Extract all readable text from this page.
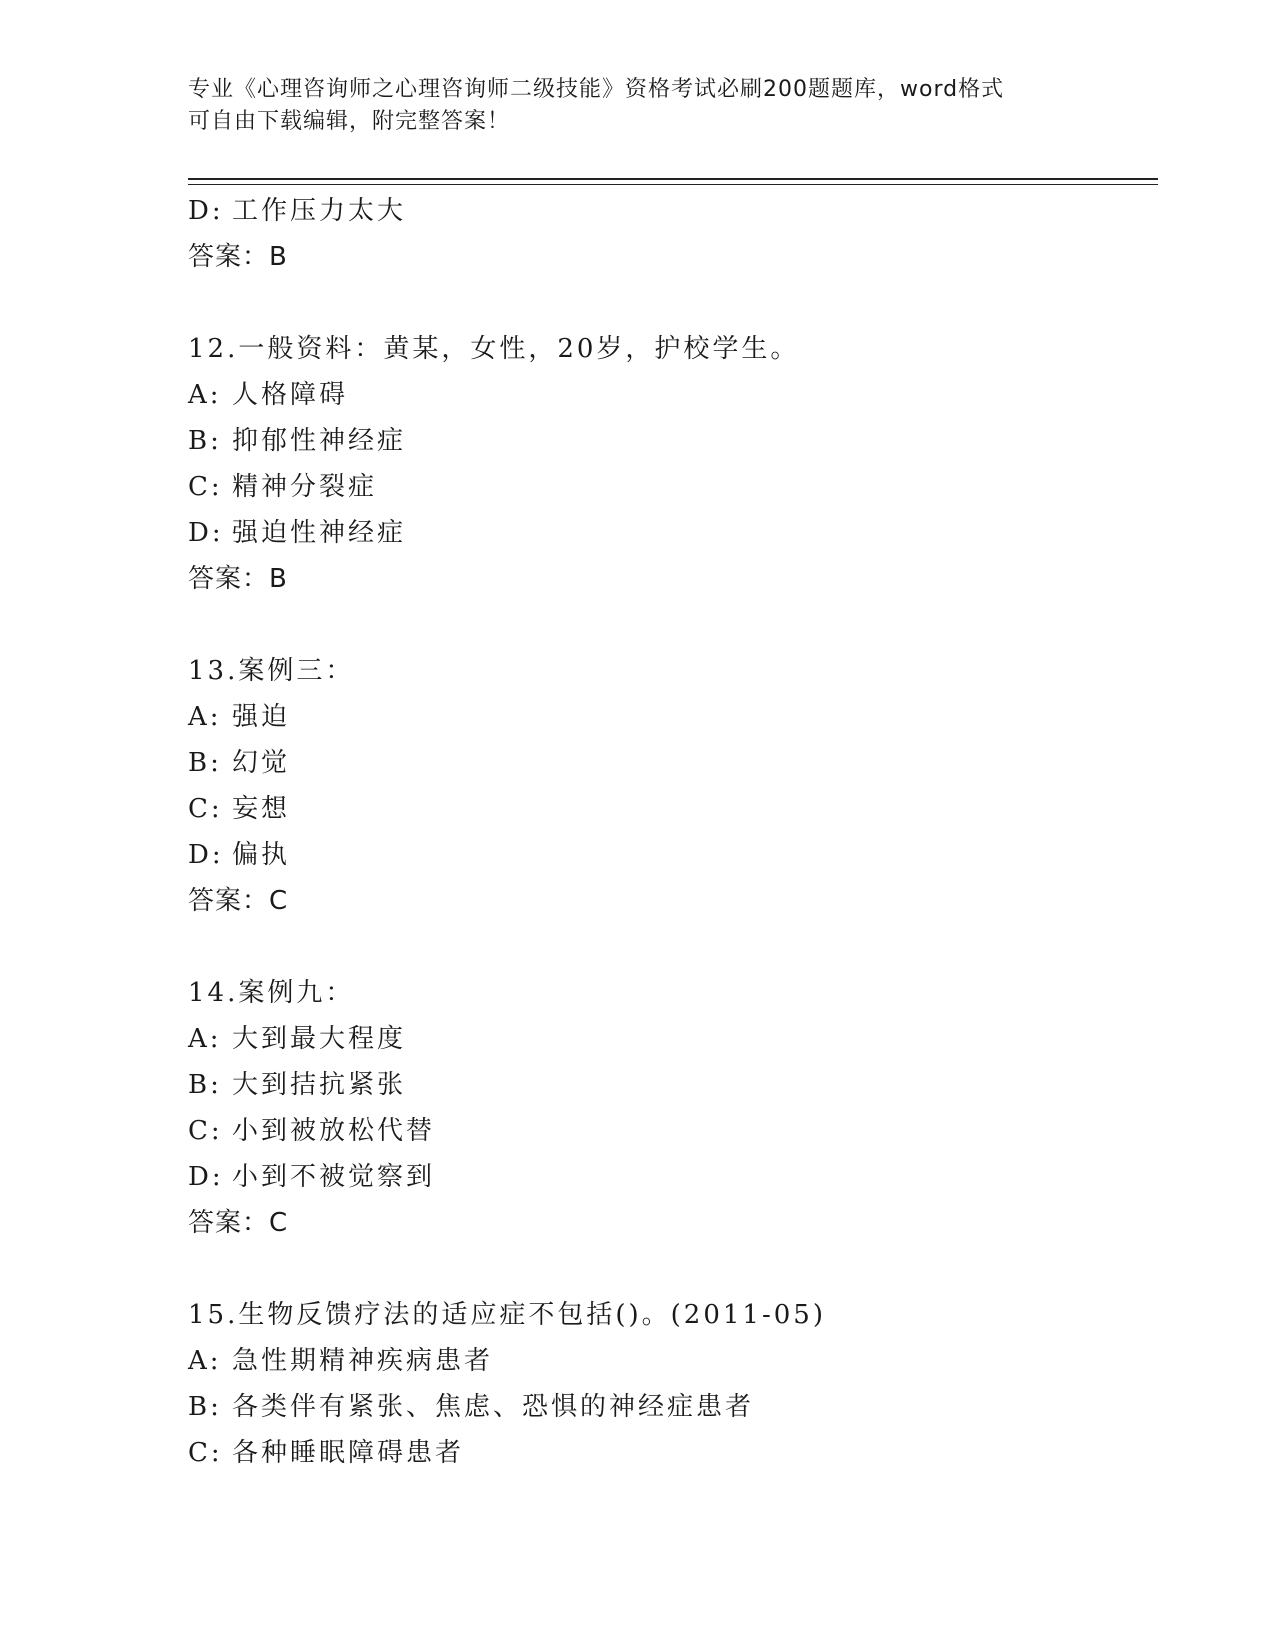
专业《心理咨询师之心理咨询师二级技能》资格考试必刷200题题库，word格式
可自由下载编辑，附完整答案！
D: 工作压力太大
答案：B
12.一般资料：黄某，女性，20岁，护校学生。
A: 人格障碍
B: 抑郁性神经症
C: 精神分裂症
D: 强迫性神经症
答案：B
13.案例三：
A: 强迫
B: 幻觉
C: 妄想
D: 偏执
答案：C
14.案例九：
A: 大到最大程度
B: 大到拮抗紧张
C: 小到被放松代替
D: 小到不被觉察到
答案：C
15.生物反馈疗法的适应症不包括()。(2011-05)
A: 急性期精神疾病患者
B: 各类伴有紧张、焦虑、恐惧的神经症患者
C: 各种睡眠障碍患者
